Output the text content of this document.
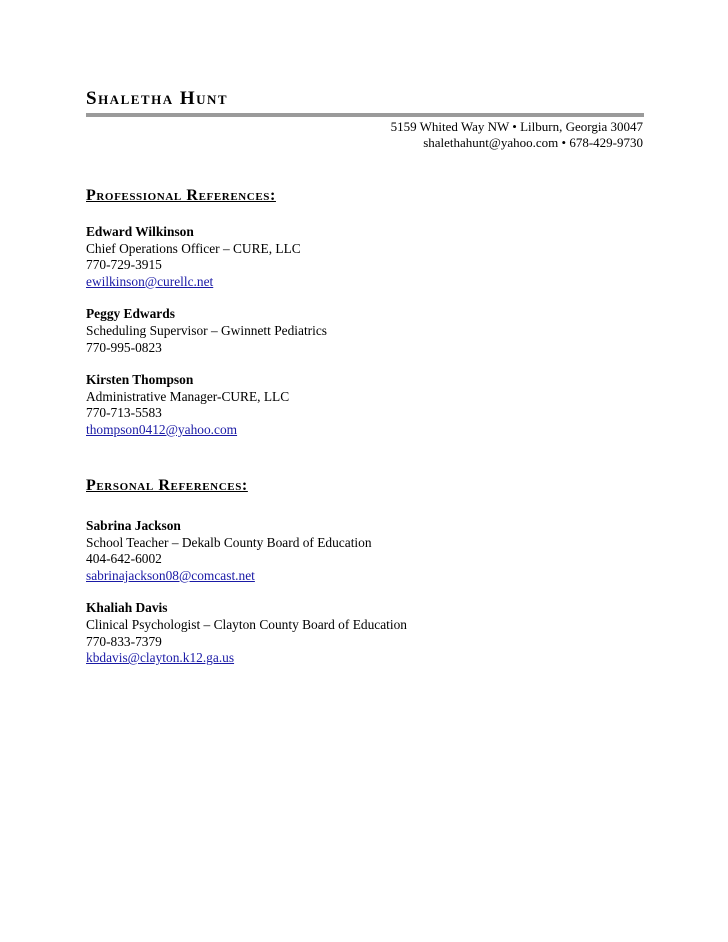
Shaletha Hunt
5159 Whited Way NW • Lilburn, Georgia 30047
shalethahunt@yahoo.com • 678-429-9730
Professional References:
Edward Wilkinson
Chief Operations Officer – CURE, LLC
770-729-3915
ewilkinson@curellc.net
Peggy Edwards
Scheduling Supervisor – Gwinnett Pediatrics
770-995-0823
Kirsten Thompson
Administrative Manager-CURE, LLC
770-713-5583
thompson0412@yahoo.com
Personal References:
Sabrina Jackson
School Teacher – Dekalb County Board of Education
404-642-6002
sabrinajackson08@comcast.net
Khaliah Davis
Clinical Psychologist – Clayton County Board of Education
770-833-7379
kbdavis@clayton.k12.ga.us
